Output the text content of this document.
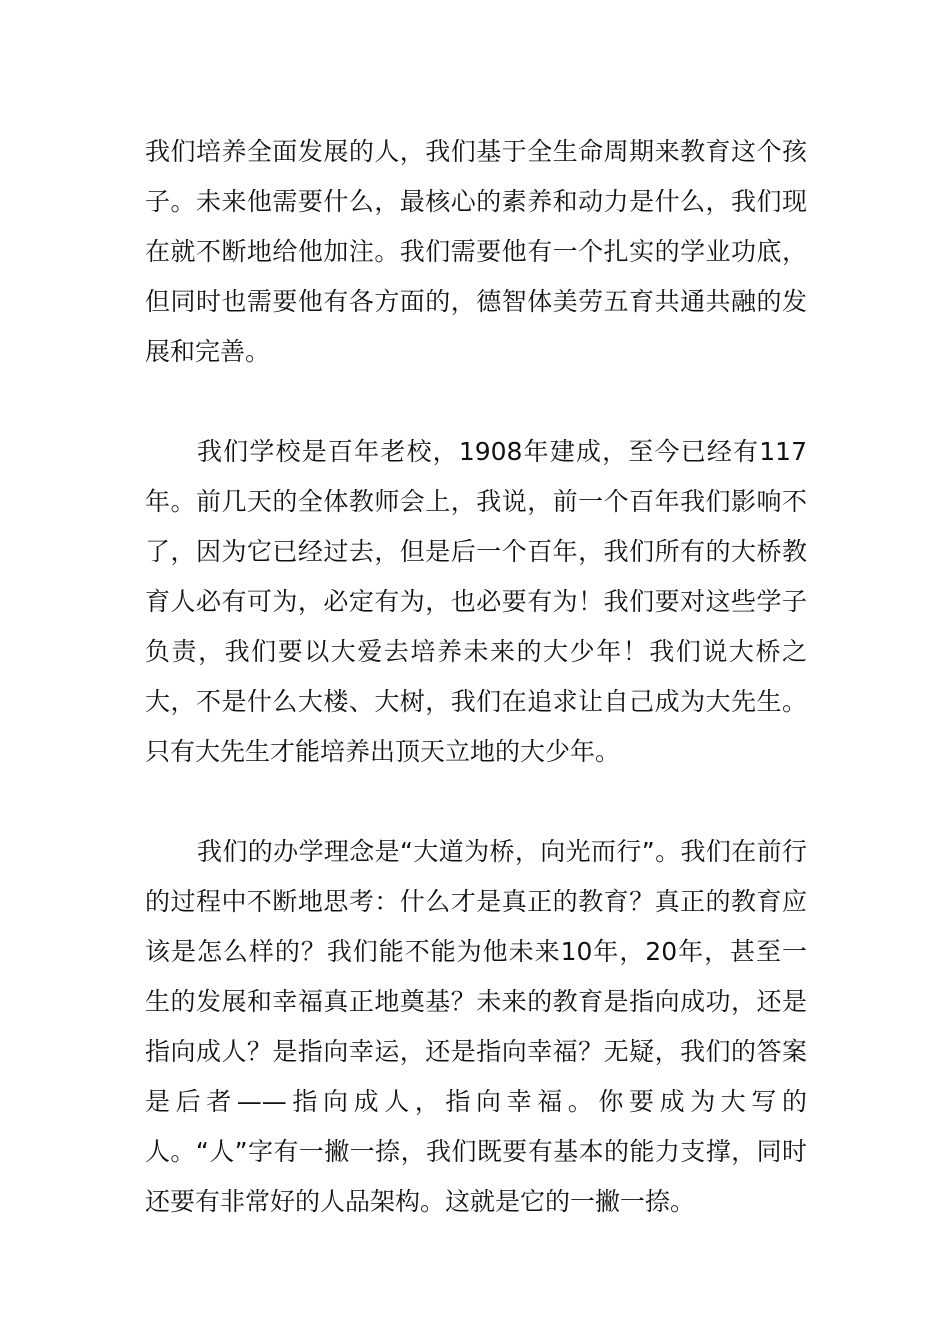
我们培养全面发展的人，我们基于全生命周期来教育这个孩子。未来他需要什么，最核心的素养和动力是什么，我们现在就不断地给他加注。我们需要他有一个扎实的学业功底，但同时也需要他有各方面的，德智体美劳五育共通共融的发展和完善。

我们学校是百年老校，1908年建成，至今已经有117年。前几天的全体教师会上，我说，前一个百年我们影响不了，因为它已经过去，但是后一个百年，我们所有的大桥教育人必有可为，必定有为，也必要有为！我们要对这些学子负责，我们要以大爱去培养未来的大少年！我们说大桥之大，不是什么大楼、大树，我们在追求让自己成为大先生。只有大先生才能培养出顶天立地的大少年。

我们的办学理念是“大道为桥，向光而行”。我们在前行的过程中不断地思考：什么才是真正的教育？真正的教育应该是怎么样的？我们能不能为他未来10年，20年，甚至一生的发展和幸福真正地奠基？未来的教育是指向成功，还是指向成人？是指向幸运，还是指向幸福？无疑，我们的答案是后者——指向成人，指向幸福。你要成为大写的人。“人”字有一撇一捺，我们既要有基本的能力支撑，同时还要有非常好的人品架构。这就是它的一撇一捺。
